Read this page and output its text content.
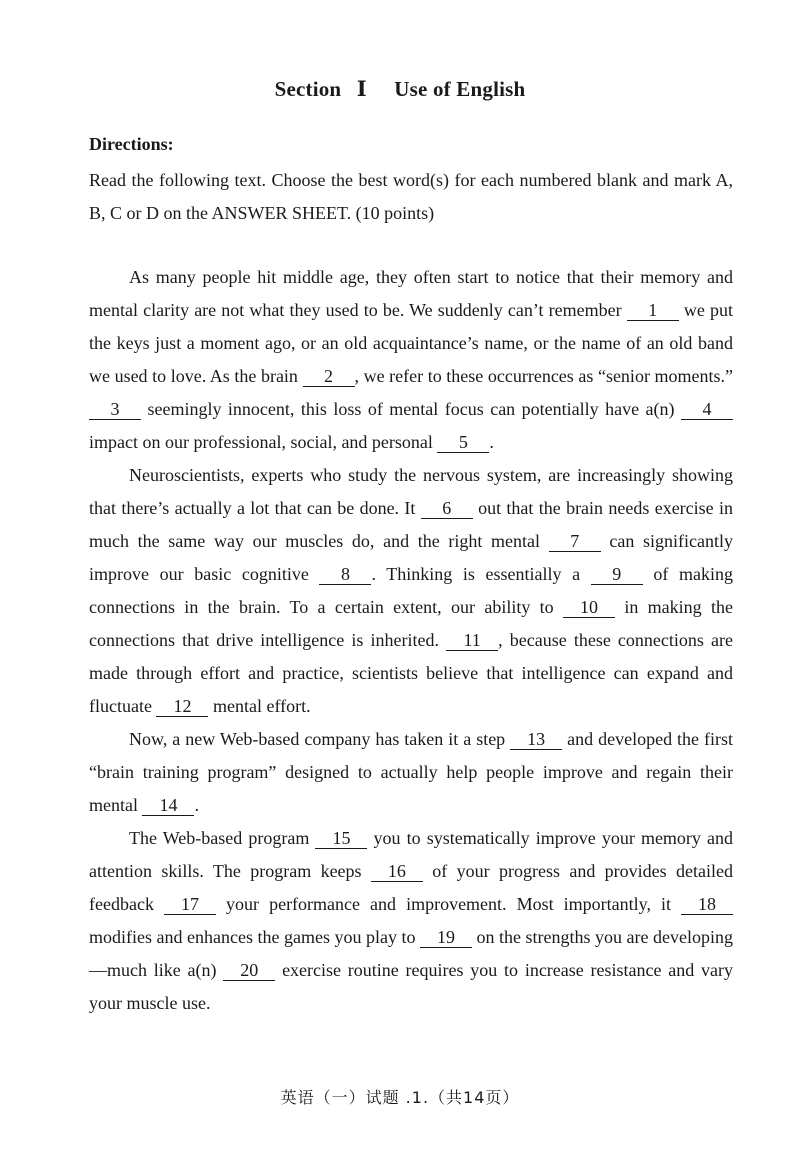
Section Ⅰ Use of English
Directions:
Read the following text. Choose the best word(s) for each numbered blank and mark A, B, C or D on the ANSWER SHEET. (10 points)

As many people hit middle age, they often start to notice that their memory and mental clarity are not what they used to be. We suddenly can’t remember 1 we put the keys just a moment ago, or an old acquaintance’s name, or the name of an old band we used to love. As the brain 2 , we refer to these occurrences as “senior moments.” 3 seemingly innocent, this loss of mental focus can potentially have a(n) 4 impact on our professional, social, and personal 5 .

Neuroscientists, experts who study the nervous system, are increasingly showing that there’s actually a lot that can be done. It 6 out that the brain needs exercise in much the same way our muscles do, and the right mental 7 can significantly improve our basic cognitive 8 . Thinking is essentially a 9 of making connections in the brain. To a certain extent, our ability to 10 in making the connections that drive intelligence is inherited. 11 , because these connections are made through effort and practice, scientists believe that intelligence can expand and fluctuate 12 mental effort.

Now, a new Web-based company has taken it a step 13 and developed the first “brain training program” designed to actually help people improve and regain their mental 14 .

The Web-based program 15 you to systematically improve your memory and attention skills. The program keeps 16 of your progress and provides detailed feedback 17 your performance and improvement. Most importantly, it 18 modifies and enhances the games you play to 19 on the strengths you are developing—much like a(n) 20 exercise routine requires you to increase resistance and vary your muscle use.

英语（一）试题 .1.（共14页）
